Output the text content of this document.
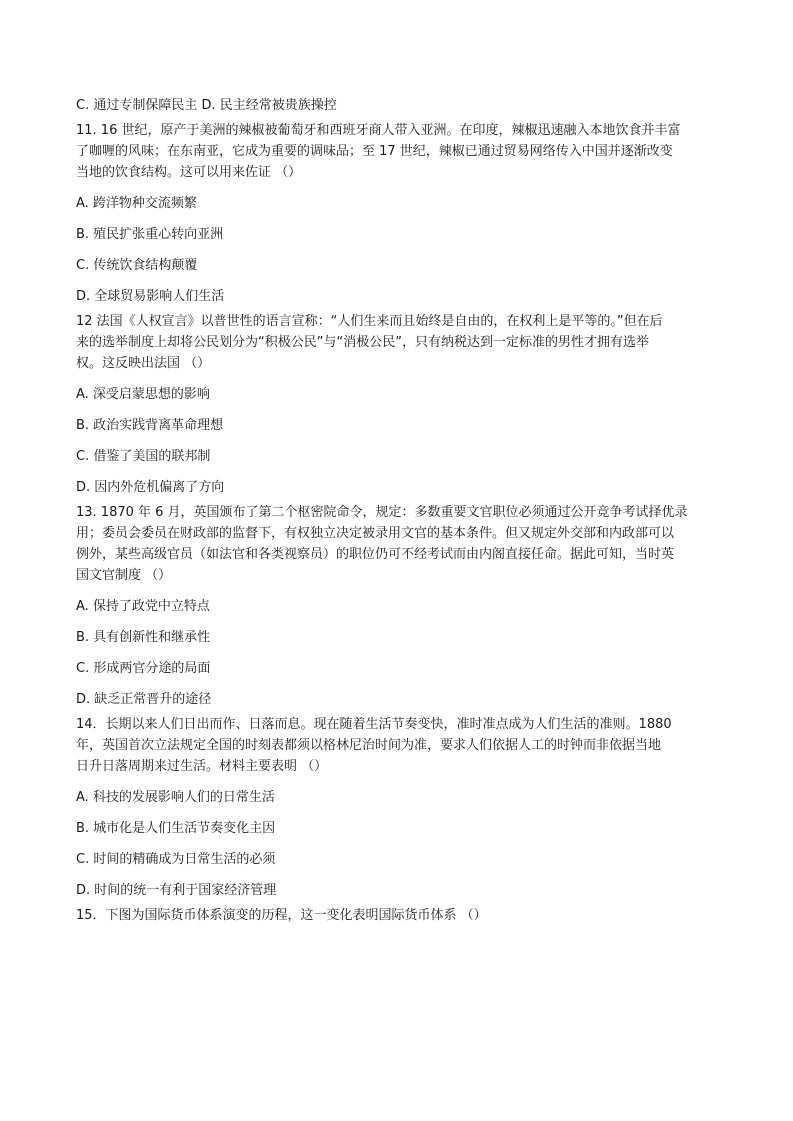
C. 通过专制保障民主 D. 民主经常被贵族操控

11. 16 世纪，原产于美洲的辣椒被葡萄牙和西班牙商人带入亚洲。在印度，辣椒迅速融入本地饮食并丰富

了咖喱的风味；在东南亚，它成为重要的调味品；至 17 世纪，辣椒已通过贸易网络传入中国并逐渐改变

当地的饮食结构。这可以用来佐证 （）

A. 跨洋物种交流频繁

B. 殖民扩张重心转向亚洲

C. 传统饮食结构颠覆

D. 全球贸易影响人们生活

12 法国《人权宣言》以普世性的语言宣称：“人们生来而且始终是自由的，在权利上是平等的。”但在后

来的选举制度上却将公民划分为“积极公民”与“消极公民”，只有纳税达到一定标准的男性才拥有选举

权。这反映出法国 （）

A. 深受启蒙思想的影响

B. 政治实践背离革命理想

C. 借鉴了美国的联邦制

D. 因内外危机偏离了方向

13. 1870 年 6 月，英国颁布了第二个枢密院命令，规定：多数重要文官职位必须通过公开竞争考试择优录

用；委员会委员在财政部的监督下，有权独立决定被录用文官的基本条件。但又规定外交部和内政部可以

例外，某些高级官员（如法官和各类视察员）的职位仍可不经考试而由内阁直接任命。据此可知，当时英

国文官制度 （）

A. 保持了政党中立特点

B. 具有创新性和继承性

C. 形成两官分途的局面

D. 缺乏正常晋升的途径

14．长期以来人们日出而作、日落而息。现在随着生活节奏变快，准时准点成为人们生活的准则。1880

年，英国首次立法规定全国的时刻表都须以格林尼治时间为准，要求人们依据人工的时钟而非依据当地

日升日落周期来过生活。材料主要表明 （）

A. 科技的发展影响人们的日常生活

B. 城市化是人们生活节奏变化主因

C. 时间的精确成为日常生活的必须

D. 时间的统一有利于国家经济管理

15．下图为国际货币体系演变的历程，这一变化表明国际货币体系 （）
